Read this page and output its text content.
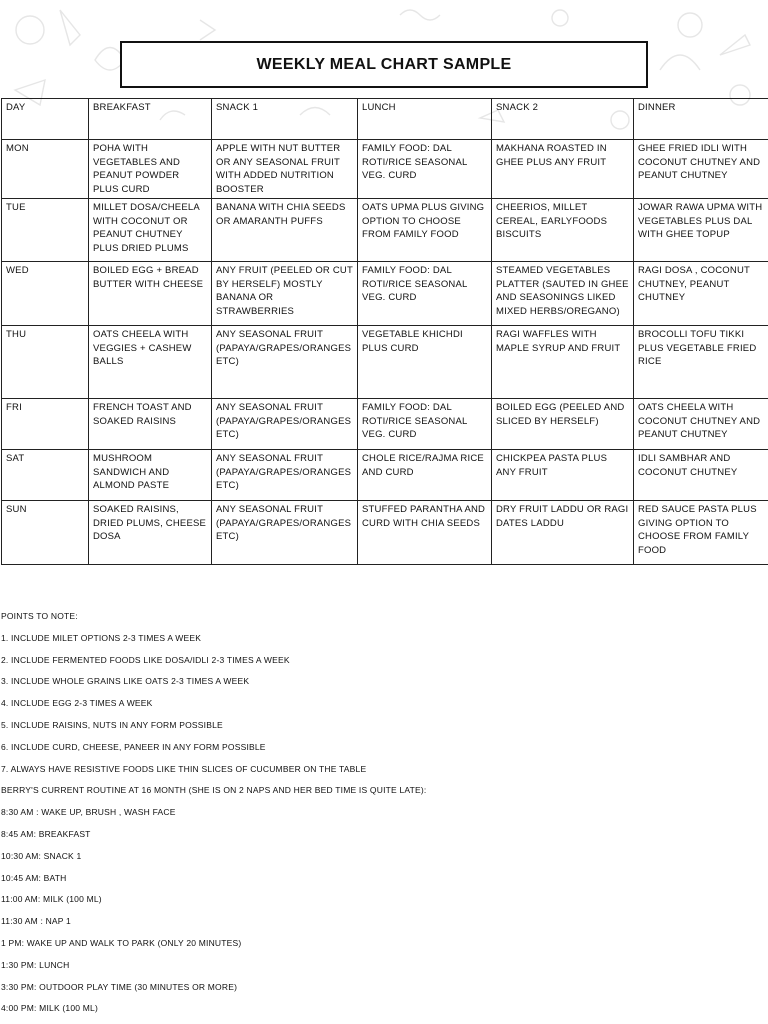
WEEKLY MEAL CHART SAMPLE
DAY	BREAKFAST	SNACK 1	LUNCH	SNACK 2	DINNER
MON	POHA WITH VEGETABLES AND PEANUT POWDER PLUS CURD	APPLE WITH NUT BUTTER OR ANY SEASONAL FRUIT WITH ADDED NUTRITION BOOSTER	FAMILY FOOD: DAL ROTI/RICE SEASONAL VEG. CURD	MAKHANA ROASTED IN GHEE PLUS ANY FRUIT	GHEE FRIED IDLI WITH COCONUT CHUTNEY AND PEANUT CHUTNEY
TUE	MILLET DOSA/CHEELA WITH COCONUT OR PEANUT CHUTNEY PLUS DRIED PLUMS	BANANA WITH CHIA SEEDS OR AMARANTH PUFFS	OATS UPMA PLUS GIVING OPTION TO CHOOSE FROM FAMILY FOOD	CHEERIOS, MILLET CEREAL, EARLYFOODS BISCUITS	JOWAR RAWA UPMA WITH VEGETABLES PLUS DAL WITH GHEE TOPUP
WED	BOILED EGG + BREAD BUTTER WITH CHEESE	ANY FRUIT (PEELED OR CUT BY HERSELF) MOSTLY BANANA OR STRAWBERRIES	FAMILY FOOD: DAL ROTI/RICE SEASONAL VEG. CURD	STEAMED VEGETABLES PLATTER (SAUTED IN GHEE AND SEASONINGS LIKED MIXED HERBS/OREGANO)	RAGI DOSA , COCONUT CHUTNEY, PEANUT CHUTNEY
THU	OATS CHEELA WITH VEGGIES + CASHEW BALLS	ANY SEASONAL FRUIT (PAPAYA/GRAPES/ORANGES ETC)	VEGETABLE KHICHDI PLUS CURD	RAGI WAFFLES WITH MAPLE SYRUP AND FRUIT	BROCOLLI TOFU TIKKI PLUS VEGETABLE FRIED RICE
FRI	FRENCH TOAST AND SOAKED RAISINS	ANY SEASONAL FRUIT (PAPAYA/GRAPES/ORANGES ETC)	FAMILY FOOD: DAL ROTI/RICE SEASONAL VEG. CURD	BOILED EGG (PEELED AND SLICED BY HERSELF)	OATS CHEELA WITH COCONUT CHUTNEY AND PEANUT CHUTNEY
SAT	MUSHROOM SANDWICH AND ALMOND PASTE	ANY SEASONAL FRUIT (PAPAYA/GRAPES/ORANGES ETC)	CHOLE RICE/RAJMA RICE AND CURD	CHICKPEA PASTA PLUS ANY FRUIT	IDLI SAMBHAR AND COCONUT CHUTNEY
SUN	SOAKED RAISINS, DRIED PLUMS, CHEESE DOSA	ANY SEASONAL FRUIT (PAPAYA/GRAPES/ORANGES ETC)	STUFFED PARANTHA AND CURD WITH CHIA SEEDS	DRY FRUIT LADDU OR RAGI DATES LADDU	RED SAUCE PASTA PLUS GIVING OPTION TO CHOOSE FROM FAMILY FOOD
POINTS TO NOTE:
1. INCLUDE MILET OPTIONS 2-3 TIMES A WEEK
2. INCLUDE FERMENTED FOODS LIKE DOSA/IDLI 2-3 TIMES A WEEK
3. INCLUDE WHOLE GRAINS LIKE OATS 2-3 TIMES A WEEK
4. INCLUDE EGG 2-3 TIMES A WEEK
5. INCLUDE RAISINS, NUTS IN ANY FORM POSSIBLE
6. INCLUDE CURD, CHEESE, PANEER IN ANY FORM POSSIBLE
7. ALWAYS HAVE RESISTIVE FOODS LIKE THIN SLICES OF CUCUMBER ON THE TABLE
BERRY'S CURRENT ROUTINE AT 16 MONTH (SHE IS ON 2 NAPS AND HER BED TIME IS QUITE LATE):
8:30 AM : WAKE UP, BRUSH , WASH FACE
8:45 AM: BREAKFAST
10:30 AM: SNACK 1
10:45 AM: BATH
11:00 AM: MILK (100 ML)
11:30 AM : NAP 1
1 PM: WAKE UP AND WALK TO PARK (ONLY 20 MINUTES)
1:30 PM: LUNCH
3:30 PM: OUTDOOR PLAY TIME (30 MINUTES OR MORE)
4:00 PM: MILK (100 ML)
